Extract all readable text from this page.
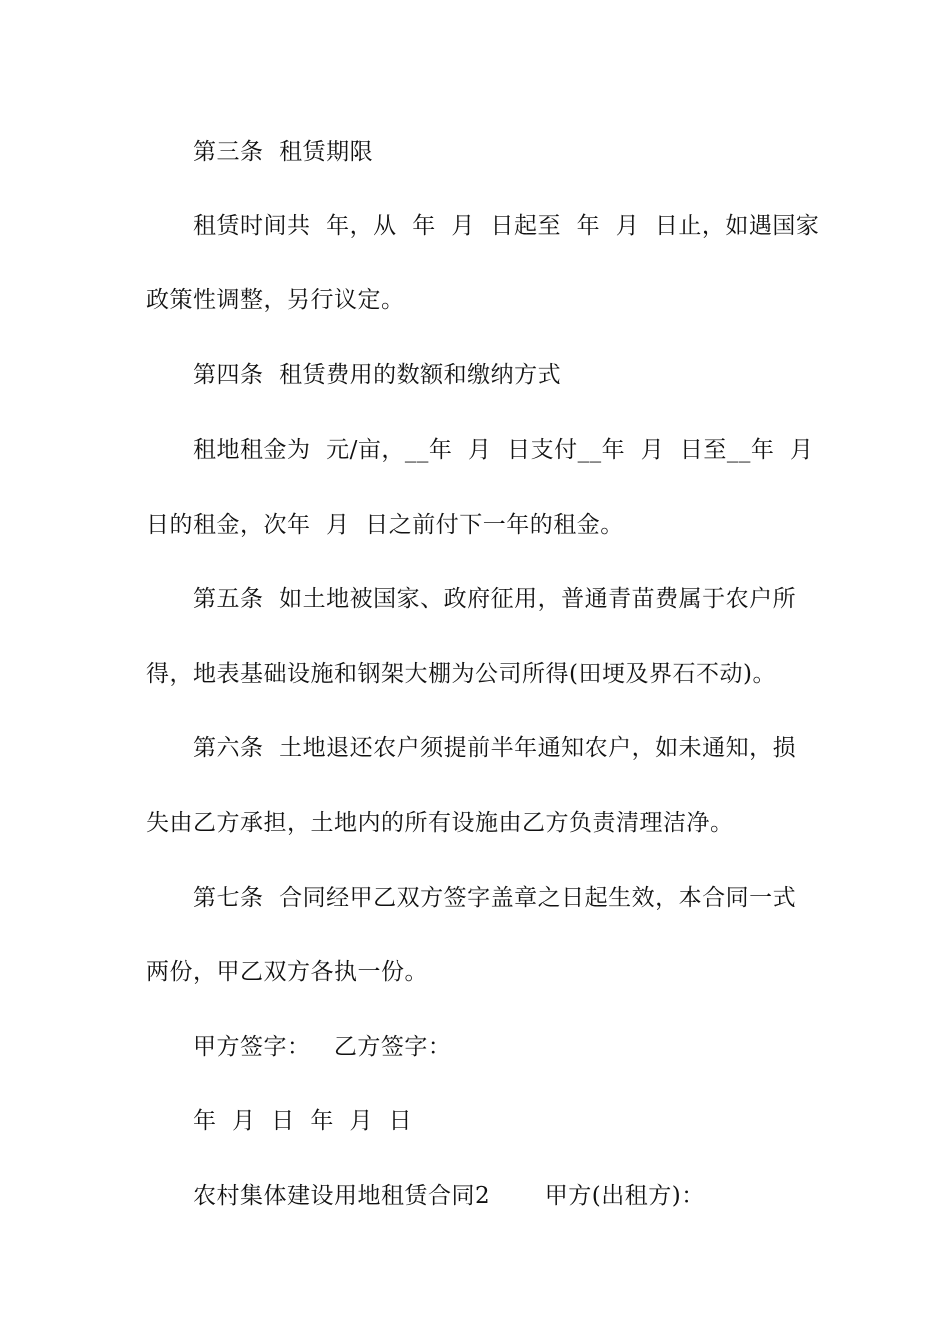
第三条  租赁期限
租赁时间共  年，从  年  月  日起至  年  月  日止，如遇国家
政策性调整，另行议定。
第四条  租赁费用的数额和缴纳方式
租地租金为  元/亩，__年  月  日支付__年  月  日至__年  月
日的租金，次年  月  日之前付下一年的租金。
第五条  如土地被国家、政府征用，普通青苗费属于农户所
得，地表基础设施和钢架大棚为公司所得(田埂及界石不动)。
第六条  土地退还农户须提前半年通知农户，如未通知，损
失由乙方承担，土地内的所有设施由乙方负责清理洁净。
第七条  合同经甲乙双方签字盖章之日起生效，本合同一式
两份，甲乙双方各执一份。
甲方签字：   乙方签字：
年  月  日  年  月  日
农村集体建设用地租赁合同2       甲方(出租方)：
